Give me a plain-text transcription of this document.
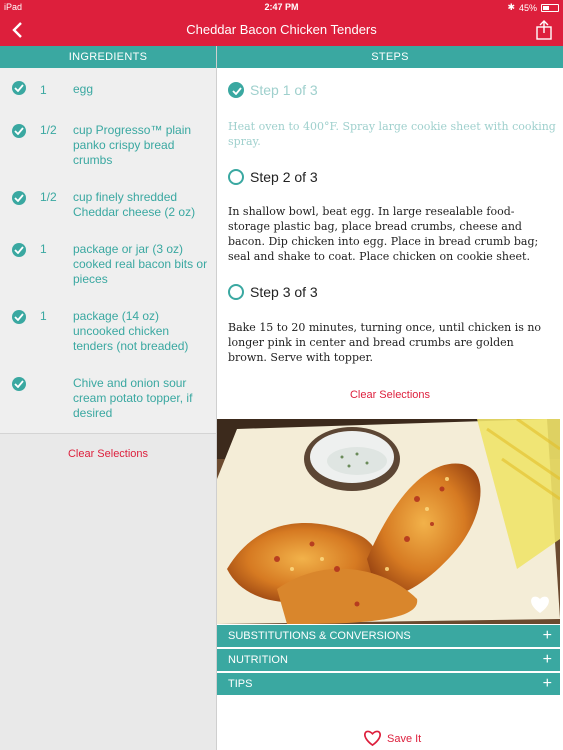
iPad	2:47 PM	✱ 45%
Cheddar Bacon Chicken Tenders
INGREDIENTS	STEPS
1 egg
1/2 cup Progresso™ plain panko crispy bread crumbs
1/2 cup finely shredded Cheddar cheese (2 oz)
1 package or jar (3 oz) cooked real bacon bits or pieces
1 package (14 oz) uncooked chicken tenders (not breaded)
Chive and onion sour cream potato topper, if desired
Clear Selections
Step 1 of 3
Heat oven to 400°F. Spray large cookie sheet with cooking spray.
Step 2 of 3
In shallow bowl, beat egg. In large resealable food-storage plastic bag, place bread crumbs, cheese and bacon. Dip chicken into egg. Place in bread crumb bag; seal and shake to coat. Place chicken on cookie sheet.
Step 3 of 3
Bake 15 to 20 minutes, turning once, until chicken is no longer pink in center and bread crumbs are golden brown. Serve with topper.
Clear Selections
SUBSTITUTIONS & CONVERSIONS	+
NUTRITION	+
TIPS	+
Save It
